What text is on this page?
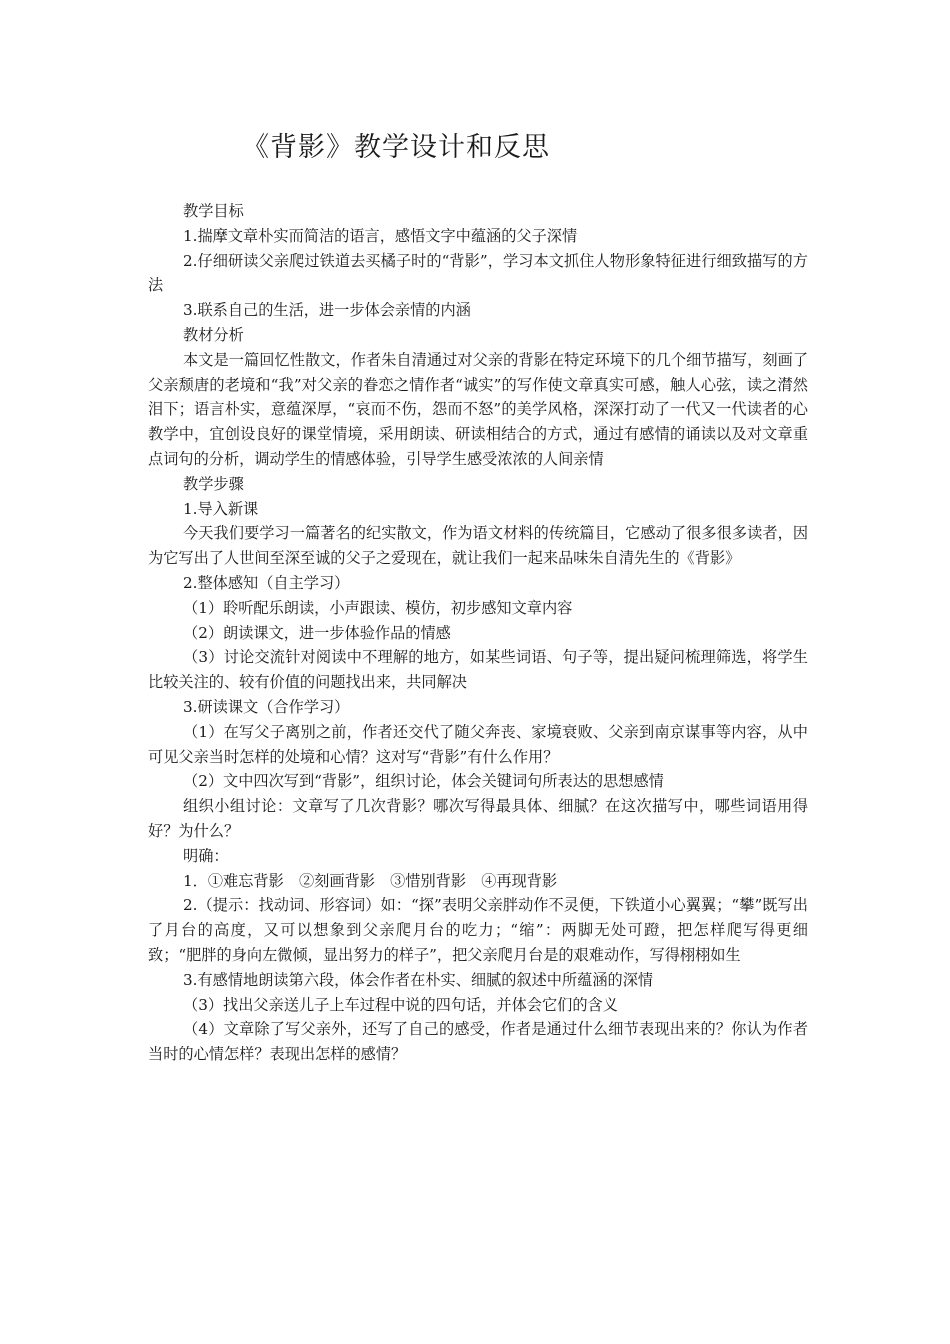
《背影》教学设计和反思

教学目标

1.揣摩文章朴实而简洁的语言，感悟文字中蕴涵的父子深情

2.仔细研读父亲爬过铁道去买橘子时的“背影”，学习本文抓住人物形象特征进行细致描写的方法

3.联系自己的生活，进一步体会亲情的内涵

教材分析

本文是一篇回忆性散文，作者朱自清通过对父亲的背影在特定环境下的几个细节描写，刻画了父亲颓唐的老境和“我”对父亲的眷恋之情作者“诚实”的写作使文章真实可感，触人心弦，读之潸然泪下；语言朴实，意蕴深厚，“哀而不伤，怨而不怒”的美学风格，深深打动了一代又一代读者的心教学中，宜创设良好的课堂情境，采用朗读、研读相结合的方式，通过有感情的诵读以及对文章重点词句的分析，调动学生的情感体验，引导学生感受浓浓的人间亲情

教学步骤

1.导入新课

今天我们要学习一篇著名的纪实散文，作为语文材料的传统篇目，它感动了很多很多读者，因为它写出了人世间至深至诚的父子之爱现在，就让我们一起来品味朱自清先生的《背影》

2.整体感知（自主学习）

（1）聆听配乐朗读，小声跟读、模仿，初步感知文章内容

（2）朗读课文，进一步体验作品的情感

（3）讨论交流针对阅读中不理解的地方，如某些词语、句子等，提出疑问梳理筛选，将学生比较关注的、较有价值的问题找出来，共同解决

3.研读课文（合作学习）

（1）在写父子离别之前，作者还交代了随父奔丧、家境衰败、父亲到南京谋事等内容，从中可见父亲当时怎样的处境和心情？这对写“背影”有什么作用？

（2）文中四次写到“背影”，组织讨论，体会关键词句所表达的思想感情

组织小组讨论：文章写了几次背影？哪次写得最具体、细腻？在这次描写中，哪些词语用得好？为什么？

明确：

1．①难忘背影　②刻画背影　③惜别背影　④再现背影

2.（提示：找动词、形容词）如：“探”表明父亲胖动作不灵便，下铁道小心翼翼；“攀”既写出了月台的高度，又可以想象到父亲爬月台的吃力；“缩”：两脚无处可蹬，把怎样爬写得更细致；“肥胖的身向左微倾，显出努力的样子”，把父亲爬月台是的艰难动作，写得栩栩如生

3.有感情地朗读第六段，体会作者在朴实、细腻的叙述中所蕴涵的深情

（3）找出父亲送儿子上车过程中说的四句话，并体会它们的含义

（4）文章除了写父亲外，还写了自己的感受，作者是通过什么细节表现出来的？你认为作者当时的心情怎样？表现出怎样的感情？
